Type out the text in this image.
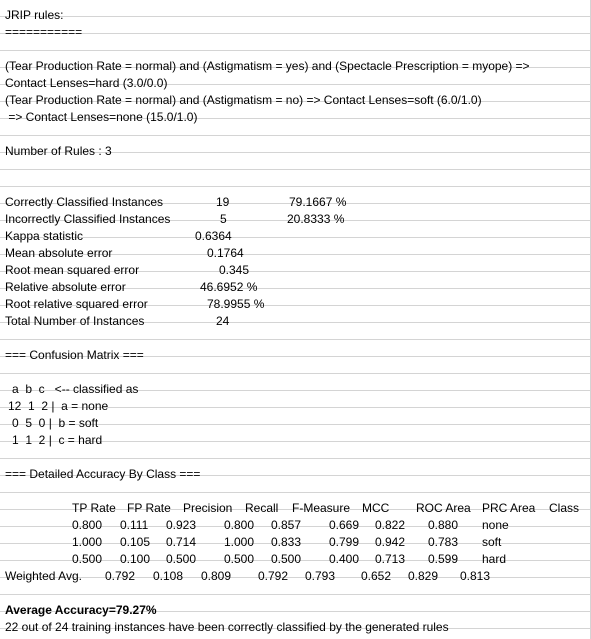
JRIP rules:
===========
(Tear Production Rate = normal) and (Astigmatism = yes) and (Spectacle Prescription = myope) =>
Contact Lenses=hard (3.0/0.0)
(Tear Production Rate = normal) and (Astigmatism = no) => Contact Lenses=soft (6.0/1.0)
=> Contact Lenses=none (15.0/1.0)
Number of Rules : 3
Correctly Classified Instances	19	79.1667 %
Incorrectly Classified Instances	5	20.8333 %
Kappa statistic	0.6364
Mean absolute error	0.1764
Root mean squared error	0.345
Relative absolute error	46.6952 %
Root relative squared error	78.9955 %
Total Number of Instances	24
=== Confusion Matrix ===
a  b  c   <-- classified as
12  1  2 |  a = none
0  5  0 |  b = soft
1  1  2 |  c = hard
=== Detailed Accuracy By Class ===
TP Rate FP Rate Precision Recall F-Measure MCC ROC Area PRC Area Class
0.800 0.111 0.923 0.800 0.857 0.669 0.822 0.880 none
1.000 0.105 0.714 1.000 0.833 0.799 0.942 0.783 soft
0.500 0.100 0.500 0.500 0.500 0.400 0.713 0.599 hard
Weighted Avg. 0.792 0.108 0.809 0.792 0.793 0.652 0.829 0.813
Average Accuracy=79.27%
22 out of 24 training instances have been correctly classified by the generated rules
